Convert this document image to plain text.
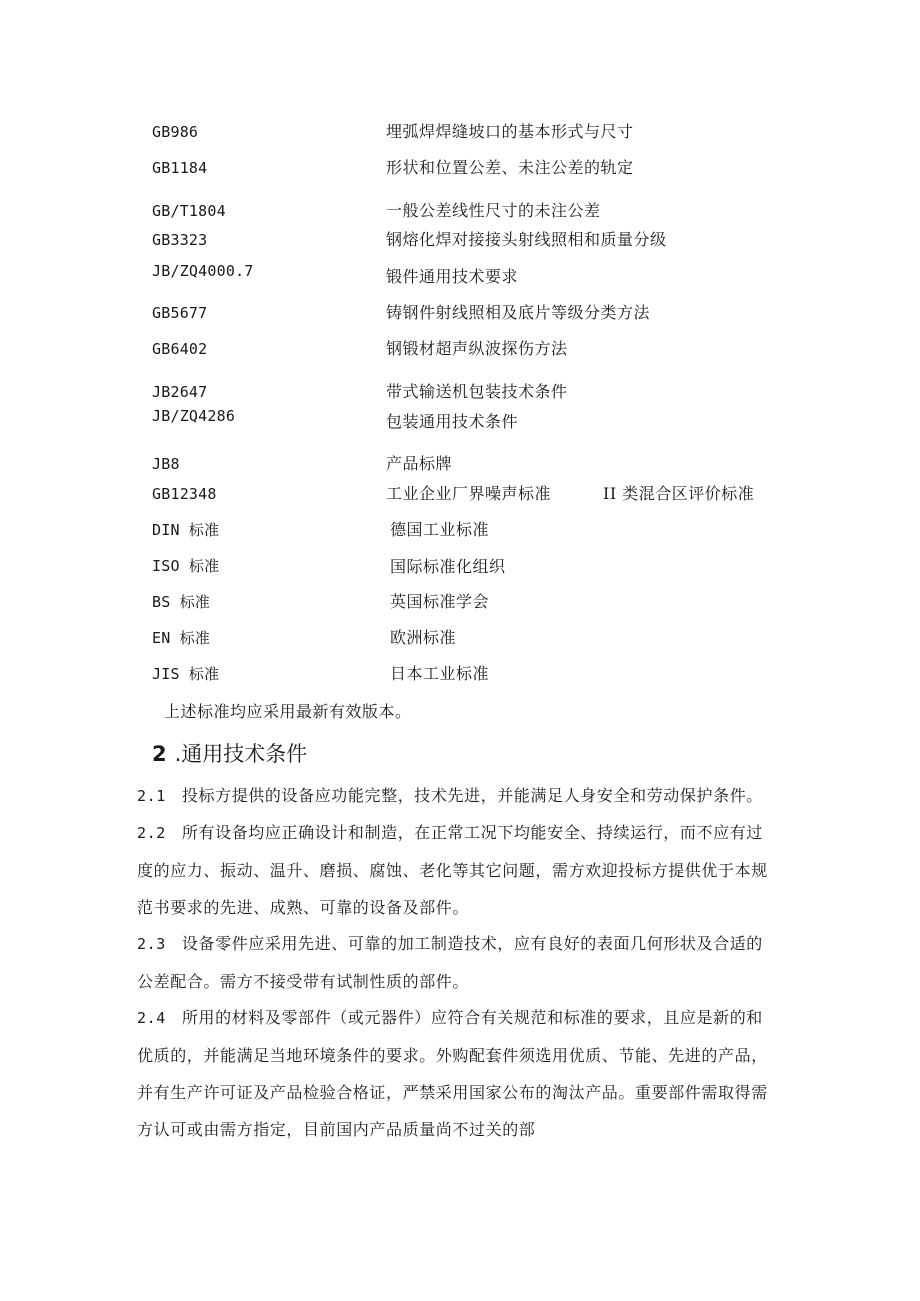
GB986	埋弧焊焊缝坡口的基本形式与尺寸
GB1184	形状和位置公差、未注公差的轨定
GB/T1804	一般公差线性尺寸的未注公差
GB3323	钢熔化焊对接接头射线照相和质量分级
JB/ZQ4000.7	锻件通用技术要求
GB5677	铸钢件射线照相及底片等级分类方法
GB6402	钢锻材超声纵波探伤方法
JB2647	带式输送机包装技术条件
JB/ZQ4286	包装通用技术条件
JB8	产品标牌
GB12348	工业企业厂界噪声标准	II 类混合区评价标准
DIN 标准	德国工业标准
ISO 标准	国际标准化组织
BS 标准	英国标准学会
EN 标准	欧洲标准
JIS 标准	日本工业标准
上述标准均应采用最新有效版本。
2 .通用技术条件
2.1 投标方提供的设备应功能完整，技术先进，并能满足人身安全和劳动保护条件。
2.2 所有设备均应正确设计和制造，在正常工况下均能安全、持续运行，而不应有过
度的应力、振动、温升、磨损、腐蚀、老化等其它问题，需方欢迎投标方提供优于本规
范书要求的先进、成熟、可靠的设备及部件。
2.3 设备零件应采用先进、可靠的加工制造技术，应有良好的表面几何形状及合适的
公差配合。需方不接受带有试制性质的部件。
2.4 所用的材料及零部件（或元器件）应符合有关规范和标准的要求，且应是新的和
优质的，并能满足当地环境条件的要求。外购配套件须选用优质、节能、先进的产品，
并有生产许可证及产品检验合格证，严禁采用国家公布的淘汰产品。重要部件需取得需
方认可或由需方指定，目前国内产品质量尚不过关的部
